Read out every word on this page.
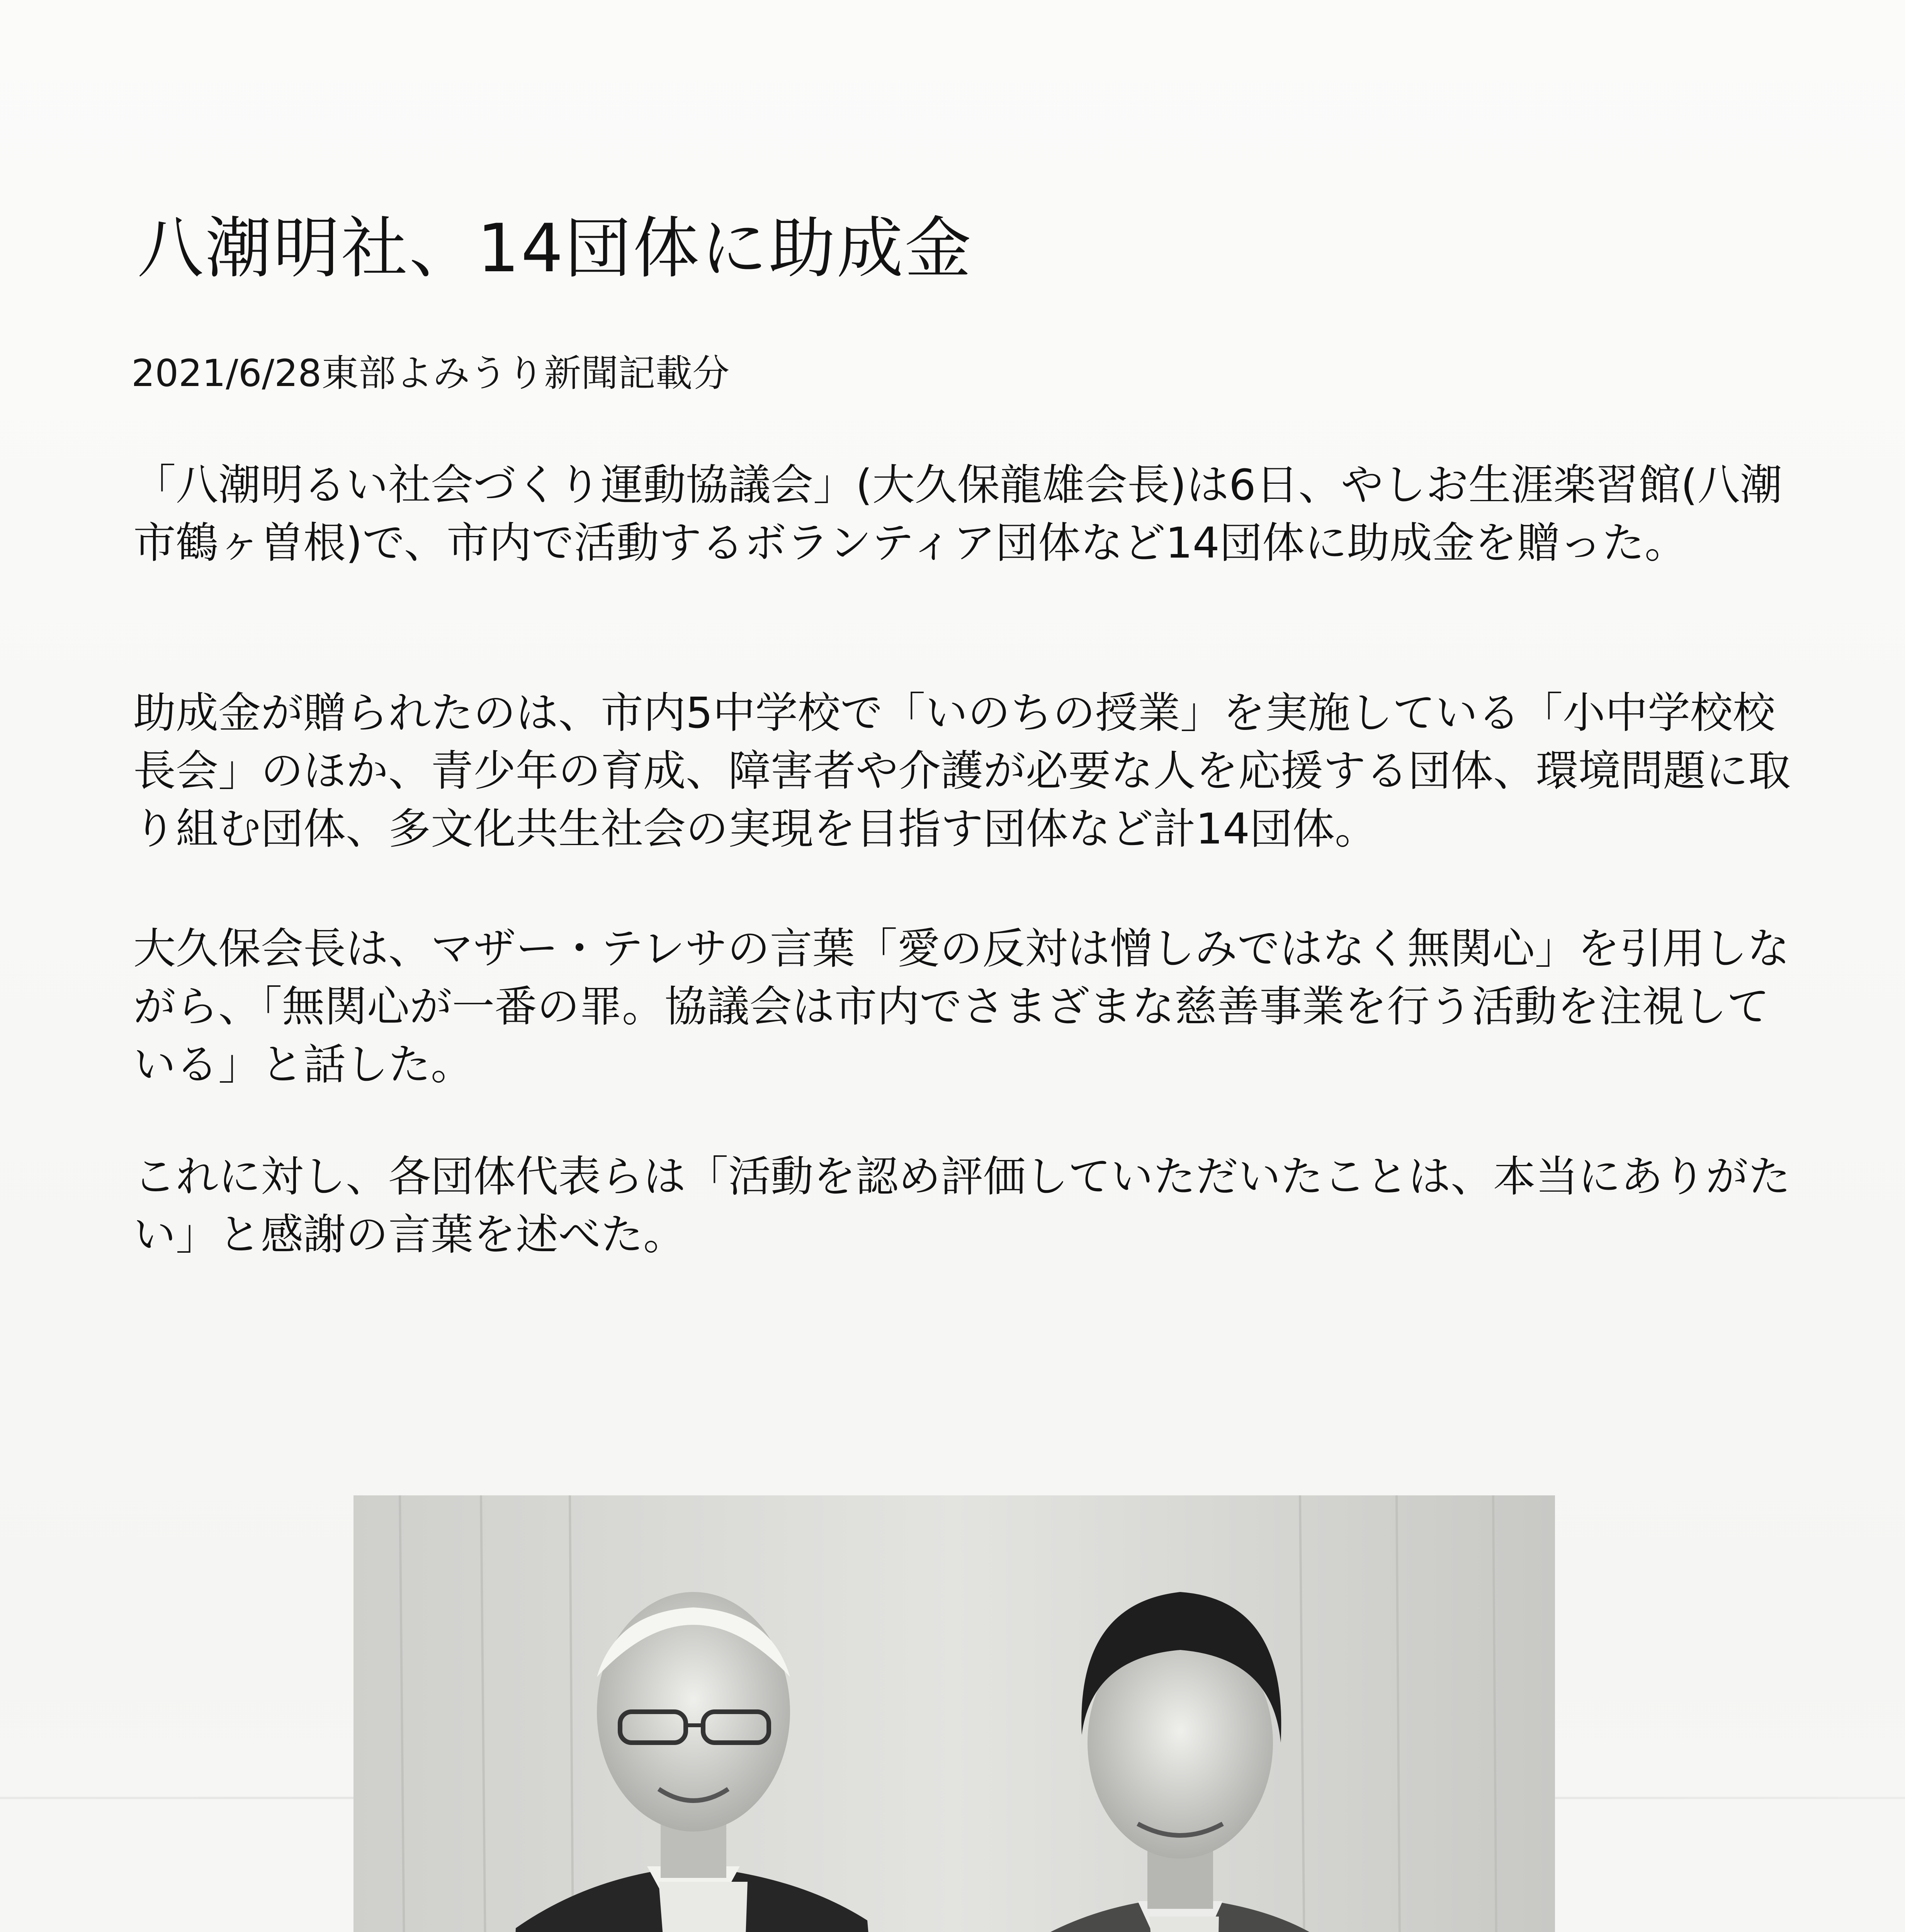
八潮明社、14団体に助成金
2021/6/28東部よみうり新聞記載分

「八潮明るい社会づくり運動協議会」(大久保龍雄会長)は6日、やしお生涯楽習館(八潮市鶴ヶ曽根)で、市内で活動するボランティア団体など14団体に助成金を贈った。

助成金が贈られたのは、市内5中学校で「いのちの授業」を実施している「小中学校校長会」のほか、青少年の育成、障害者や介護が必要な人を応援する団体、環境問題に取り組む団体、多文化共生社会の実現を目指す団体など計14団体。

大久保会長は、マザー・テレサの言葉「愛の反対は憎しみではなく無関心」を引用しながら、「無関心が一番の罪。協議会は市内でさまざまな慈善事業を行う活動を注視している」と話した。

これに対し、各団体代表らは「活動を認め評価していただいたことは、本当にありがたい」と感謝の言葉を述べた。
